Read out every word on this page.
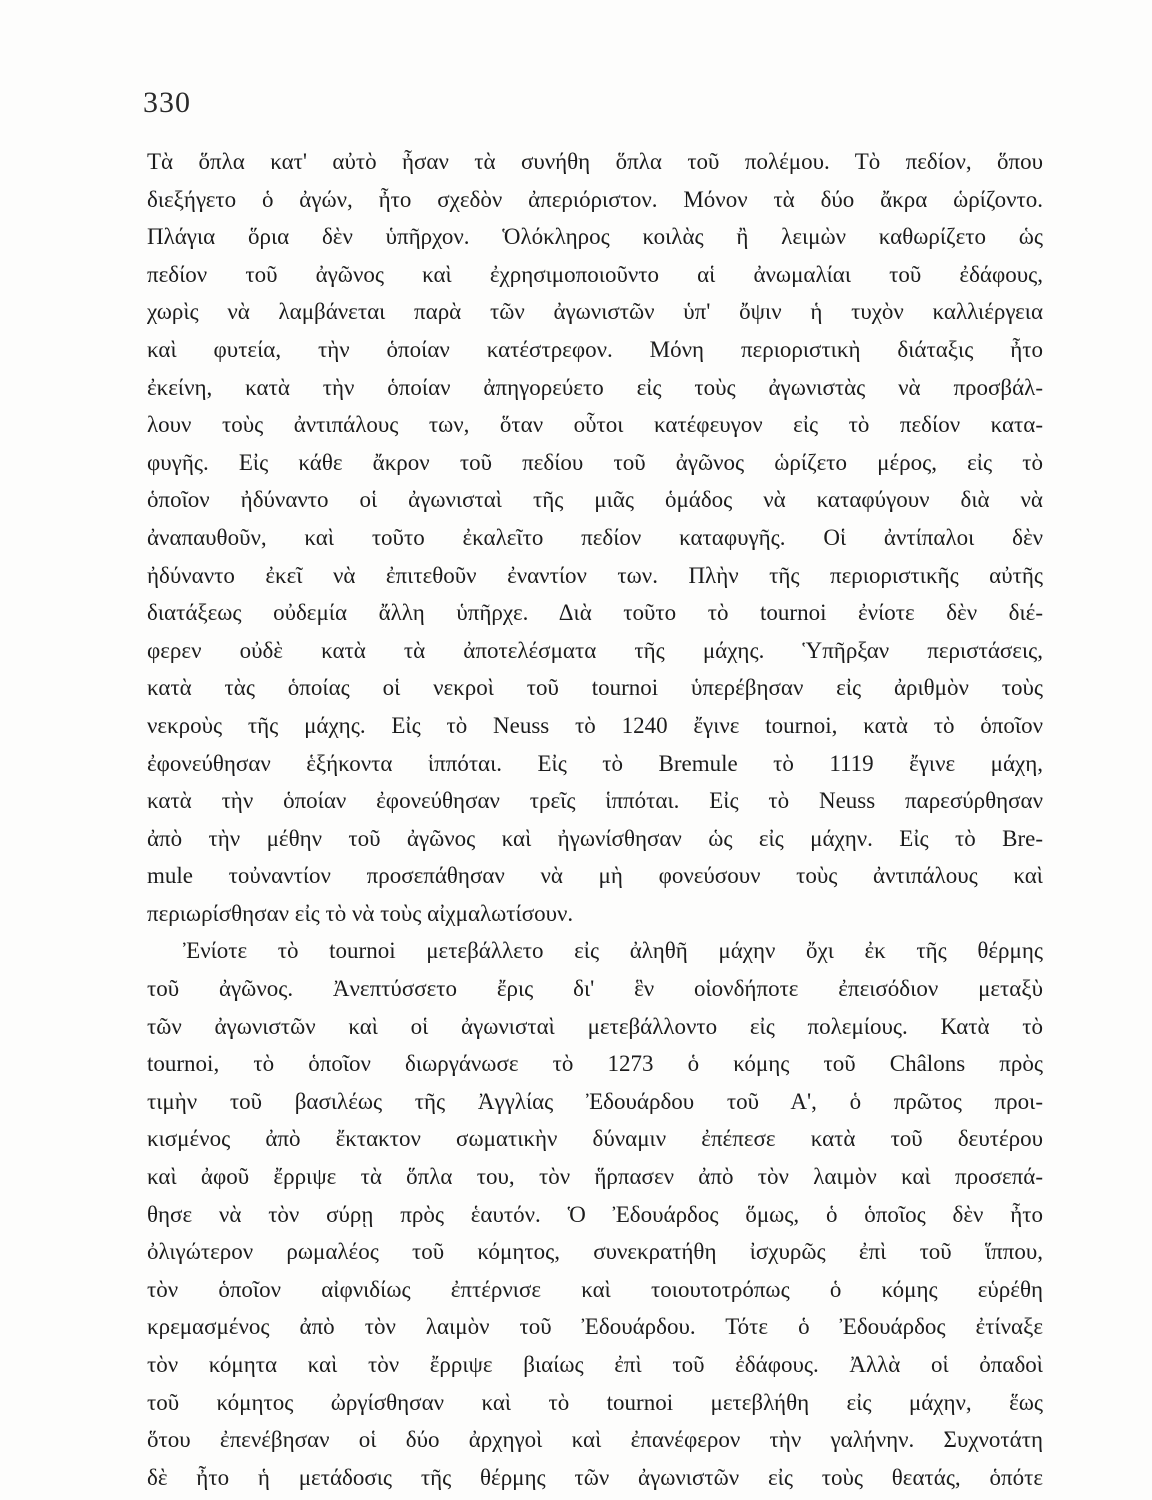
330
Τὰ ὅπλα κατ' αὐτὸ ἦσαν τὰ συνήθη ὅπλα τοῦ πολέμου. Τὸ πεδίον, ὅπου
διεξήγετο ὁ ἀγών, ἦτο σχεδὸν ἀπεριόριστον. Μόνον τὰ δύο ἄκρα ὡρίζοντο.
Πλάγια ὅρια δὲν ὑπῆρχον. Ὁλόκληρος κοιλὰς ἢ λειμὼν καθωρίζετο ὡς
πεδίον τοῦ ἀγῶνος καὶ ἐχρησιμοποιοῦντο αἱ ἀνωμαλίαι τοῦ ἐδάφους,
χωρὶς νὰ λαμβάνεται παρὰ τῶν ἀγωνιστῶν ὑπ' ὄψιν ἡ τυχὸν καλλιέργεια
καὶ φυτεία, τὴν ὁποίαν κατέστρεφον. Μόνη περιοριστικὴ διάταξις ἦτο
ἐκείνη, κατὰ τὴν ὁποίαν ἀπηγορεύετο εἰς τοὺς ἀγωνιστὰς νὰ προσβάλ-
λουν τοὺς ἀντιπάλους των, ὅταν οὗτοι κατέφευγον εἰς τὸ πεδίον κατα-
φυγῆς. Εἰς κάθε ἄκρον τοῦ πεδίου τοῦ ἀγῶνος ὡρίζετο μέρος, εἰς τὸ
ὁποῖον ἠδύναντο οἱ ἀγωνισταὶ τῆς μιᾶς ὁμάδος νὰ καταφύγουν διὰ νὰ
ἀναπαυθοῦν, καὶ τοῦτο ἐκαλεῖτο πεδίον καταφυγῆς. Οἱ ἀντίπαλοι δὲν
ἠδύναντο ἐκεῖ νὰ ἐπιτεθοῦν ἐναντίον των. Πλὴν τῆς περιοριστικῆς αὐτῆς
διατάξεως οὐδεμία ἄλλη ὑπῆρχε. Διὰ τοῦτο τὸ tournoi ἐνίοτε δὲν διέ-
φερεν οὐδὲ κατὰ τὰ ἀποτελέσματα τῆς μάχης. Ὑπῆρξαν περιστάσεις,
κατὰ τὰς ὁποίας οἱ νεκροὶ τοῦ tournoi ὑπερέβησαν εἰς ἀριθμὸν τοὺς
νεκροὺς τῆς μάχης. Εἰς τὸ Neuss τὸ 1240 ἔγινε tournoi, κατὰ τὸ ὁποῖον
ἐφονεύθησαν ἑξήκοντα ἱππόται. Εἰς τὸ Bremule τὸ 1119 ἔγινε μάχη,
κατὰ τὴν ὁποίαν ἐφονεύθησαν τρεῖς ἱππόται. Εἰς τὸ Neuss παρεσύρθησαν
ἀπὸ τὴν μέθην τοῦ ἀγῶνος καὶ ἠγωνίσθησαν ὡς εἰς μάχην. Εἰς τὸ Bre-
mule τοὐναντίον προσεπάθησαν νὰ μὴ φονεύσουν τοὺς ἀντιπάλους καὶ
περιωρίσθησαν εἰς τὸ νὰ τοὺς αἰχμαλωτίσουν.
Ἐνίοτε τὸ tournoi μετεβάλλετο εἰς ἀληθῆ μάχην ὄχι ἐκ τῆς θέρμης
τοῦ ἀγῶνος. Ἀνεπτύσσετο ἔρις δι' ἓν οἱονδήποτε ἐπεισόδιον μεταξὺ
τῶν ἀγωνιστῶν καὶ οἱ ἀγωνισταὶ μετεβάλλοντο εἰς πολεμίους. Κατὰ τὸ
tournoi, τὸ ὁποῖον διωργάνωσε τὸ 1273 ὁ κόμης τοῦ Châlons πρὸς
τιμὴν τοῦ βασιλέως τῆς Ἀγγλίας Ἐδουάρδου τοῦ Α', ὁ πρῶτος προι-
κισμένος ἀπὸ ἔκτακτον σωματικὴν δύναμιν ἐπέπεσε κατὰ τοῦ δευτέρου
καὶ ἀφοῦ ἔρριψε τὰ ὅπλα του, τὸν ἥρπασεν ἀπὸ τὸν λαιμὸν καὶ προσεπά-
θησε νὰ τὸν σύρῃ πρὸς ἑαυτόν. Ὁ Ἐδουάρδος ὅμως, ὁ ὁποῖος δὲν ἦτο
ὀλιγώτερον ρωμαλέος τοῦ κόμητος, συνεκρατήθη ἰσχυρῶς ἐπὶ τοῦ ἵππου,
τὸν ὁποῖον αἰφνιδίως ἐπτέρνισε καὶ τοιουτοτρόπως ὁ κόμης εὑρέθη
κρεμασμένος ἀπὸ τὸν λαιμὸν τοῦ Ἐδουάρδου. Τότε ὁ Ἐδουάρδος ἐτίναξε
τὸν κόμητα καὶ τὸν ἔρριψε βιαίως ἐπὶ τοῦ ἐδάφους. Ἀλλὰ οἱ ὀπαδοὶ
τοῦ κόμητος ὠργίσθησαν καὶ τὸ tournoi μετεβλήθη εἰς μάχην, ἕως
ὅτου ἐπενέβησαν οἱ δύο ἀρχηγοὶ καὶ ἐπανέφερον τὴν γαλήνην. Συχνοτάτη
δὲ ἦτο ἡ μετάδοσις τῆς θέρμης τῶν ἀγωνιστῶν εἰς τοὺς θεατάς, ὁπότε
